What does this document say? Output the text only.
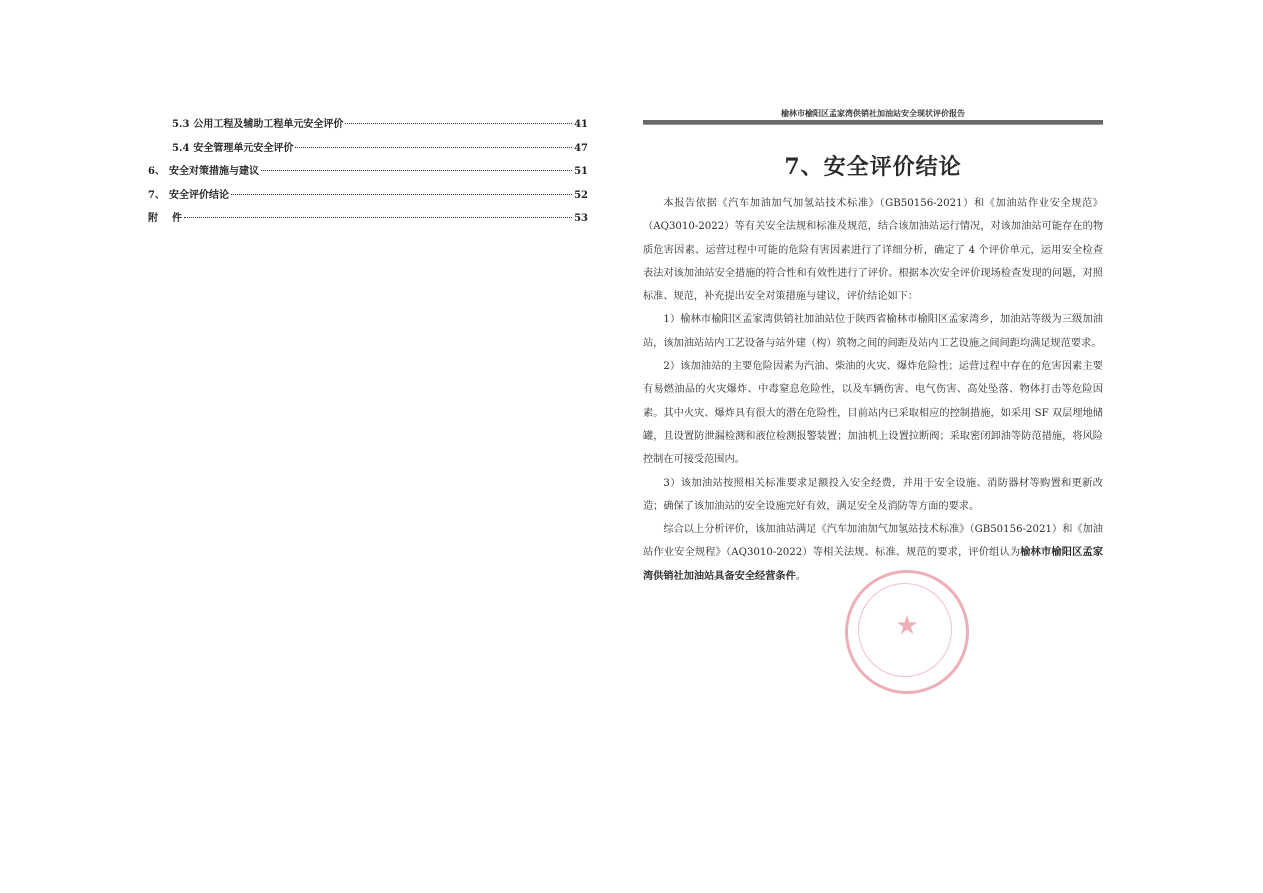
5.3 公用工程及辅助工程单元安全评价	41
5.4 安全管理单元安全评价	47
6、 安全对策措施与建议	51
7、 安全评价结论	52
附 件	53
榆林市榆阳区孟家湾供销社加油站安全现状评价报告
7、安全评价结论

本报告依据《汽车加油加气加氢站技术标准》（GB50156-2021）和《加油站作业安全规范》（AQ3010-2022）等有关安全法规和标准及规范，结合该加油站运行情况，对该加油站可能存在的物质危害因素、运营过程中可能的危险有害因素进行了详细分析，确定了 4 个评价单元，运用安全检查表法对该加油站安全措施的符合性和有效性进行了评价。根据本次安全评价现场检查发现的问题，对照标准、规范，补充提出安全对策措施与建议，评价结论如下：

1）榆林市榆阳区孟家湾供销社加油站位于陕西省榆林市榆阳区孟家湾乡，加油站等级为三级加油站，该加油站站内工艺设备与站外建（构）筑物之间的间距及站内工艺设施之间间距均满足规范要求。

2）该加油站的主要危险因素为汽油、柴油的火灾、爆炸危险性；运营过程中存在的危害因素主要有易燃油品的火灾爆炸、中毒窒息危险性，以及车辆伤害、电气伤害、高处坠落、物体打击等危险因素。其中火灾、爆炸具有很大的潜在危险性，目前站内已采取相应的控制措施，如采用 SF 双层埋地储罐，且设置防泄漏检测和液位检测报警装置；加油机上设置拉断阀；采取密闭卸油等防范措施，将风险控制在可接受范围内。

3）该加油站按照相关标准要求足额投入安全经费，并用于安全设施、消防器材等购置和更新改造；确保了该加油站的安全设施完好有效，满足安全及消防等方面的要求。

综合以上分析评价，该加油站满足《汽车加油加气加氢站技术标准》（GB50156-2021）和《加油站作业安全规程》（AQ3010-2022）等相关法规、标准、规范的要求，评价组认为榆林市榆阳区孟家湾供销社加油站具备安全经营条件。

★
